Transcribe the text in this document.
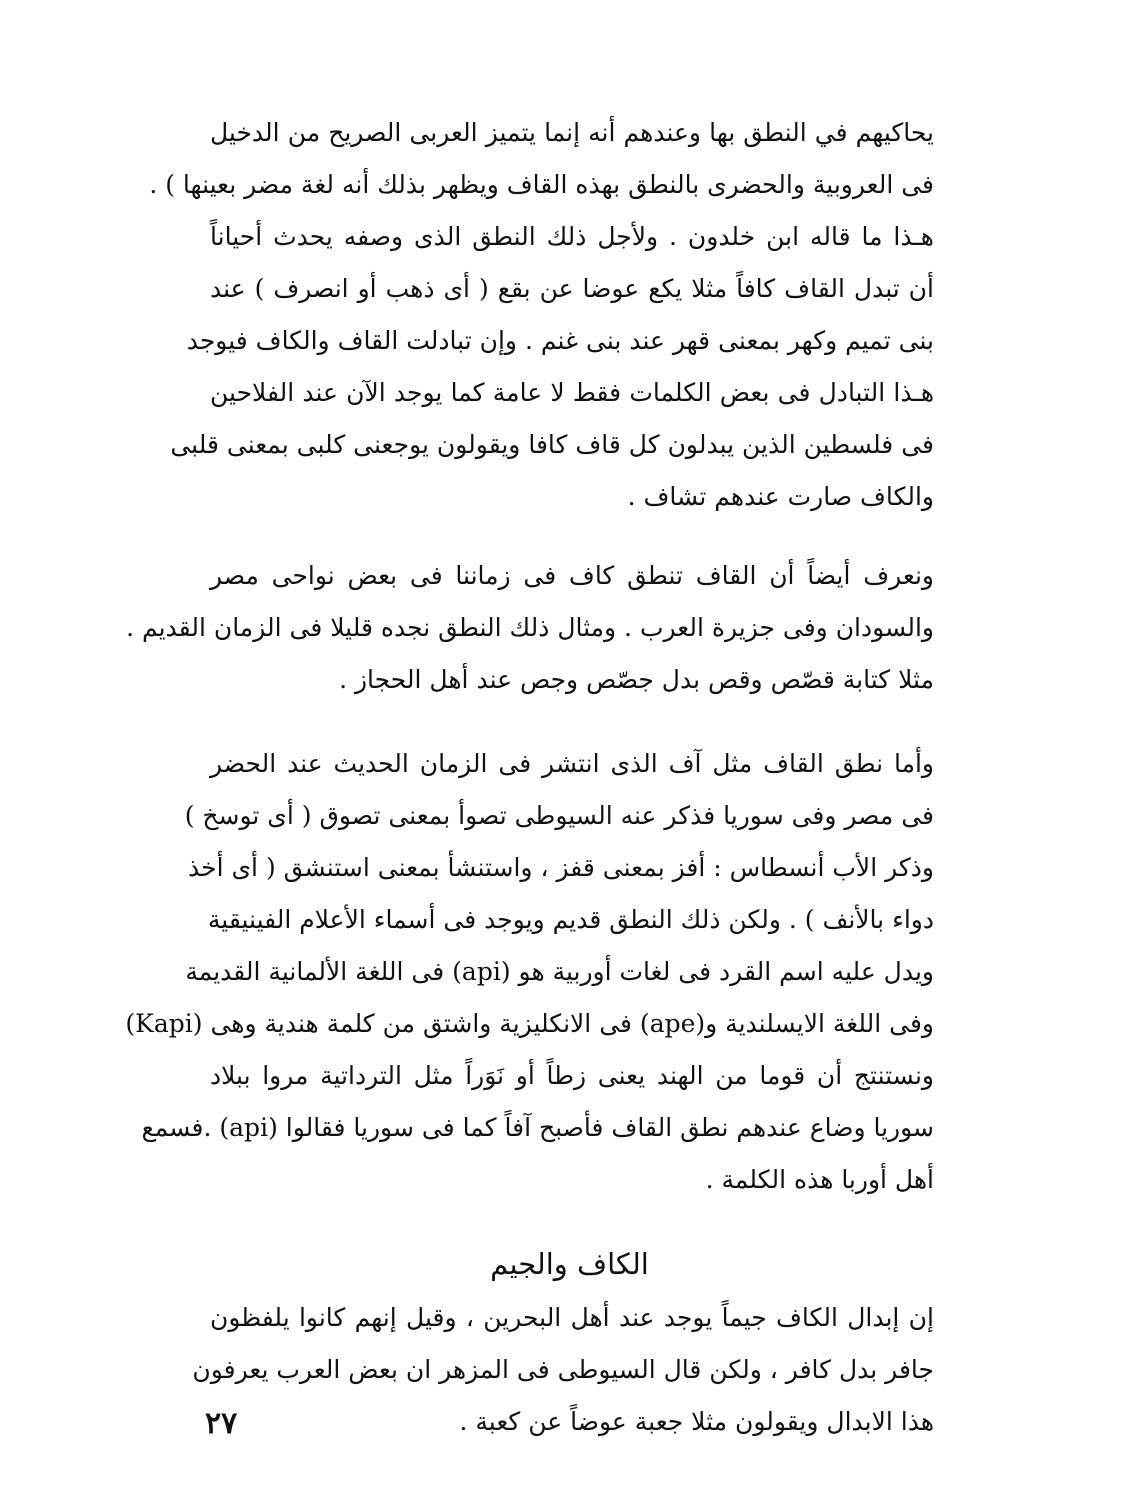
يحاكيهم في النطق بها وعندهم أنه إنما يتميز العربى الصريح من الدخيل
فى العروبية والحضرى بالنطق بهذه القاف ويظهر بذلك أنه لغة مضر بعينها ) .
هـذا ما قاله ابن خلدون . ولأجل ذلك النطق الذى وصفه يحدث أحياناً
أن تبدل القاف كافاً مثلا يكع عوضا عن بقع ( أى ذهب أو انصرف ) عند
بنى تميم وكهر بمعنى قهر عند بنى غنم . وإن تبادلت القاف والكاف فيوجد
هـذا التبادل فى بعض الكلمات فقط لا عامة كما يوجد الآن عند الفلاحين
فى فلسطين الذين يبدلون كل قاف كافا ويقولون يوجعنى كلبى بمعنى قلبى
والكاف صارت عندهم تشاف .
ونعرف أيضاً أن القاف تنطق كاف فى زماننا فى بعض نواحى مصر
والسودان وفى جزيرة العرب . ومثال ذلك النطق نجده قليلا فى الزمان القديم .
مثلا كتابة قصّص وقص بدل جصّص وجص عند أهل الحجاز .
وأما نطق القاف مثل آف الذى انتشر فى الزمان الحديث عند الحضر
فى مصر وفى سوريا فذكر عنه السيوطى تصوأ بمعنى تصوق ( أى توسخ )
وذكر الأب أنسطاس : أفز بمعنى قفز ، واستنشأ بمعنى استنشق ( أى أخذ
دواء بالأنف ) . ولكن ذلك النطق قديم ويوجد فى أسماء الأعلام الفينيقية
ويدل عليه اسم القرد فى لغات أوربية هو (api) فى اللغة الألمانية القديمة
وفى اللغة الايسلندية و(ape) فى الانكليزية واشتق من كلمة هندية وهى (Kapi)
ونستنتج أن قوما من الهند يعنى زطاً أو نَوَراً مثل الترداتية مروا ببلاد
سوريا وضاع عندهم نطق القاف فأصبح آفاً كما فى سوريا فقالوا (api) .فسمع
أهل أوربا هذه الكلمة .
الكاف والجيم
إن إبدال الكاف جيماً يوجد عند أهل البحرين ، وقيل إنهم كانوا يلفظون
جافر بدل كافر ، ولكن قال السيوطى فى المزهر ان بعض العرب يعرفون
هذا الابدال ويقولون مثلا جعبة عوضاً عن كعبة .
٢٧
